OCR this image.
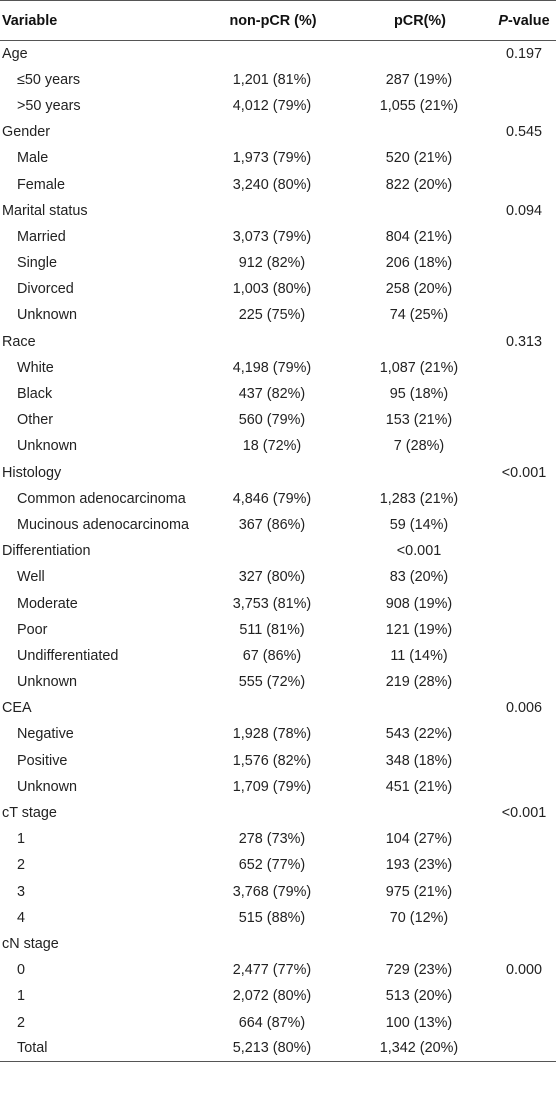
Variable	non-pCR (%)	pCR(%)	P-value
Age			0.197
≤50 years	1,201 (81%)	287 (19%)	
>50 years	4,012 (79%)	1,055 (21%)	
Gender			0.545
Male	1,973 (79%)	520 (21%)	
Female	3,240 (80%)	822 (20%)	
Marital status			0.094
Married	3,073 (79%)	804 (21%)	
Single	912 (82%)	206 (18%)	
Divorced	1,003 (80%)	258 (20%)	
Unknown	225 (75%)	74 (25%)	
Race			0.313
White	4,198 (79%)	1,087 (21%)	
Black	437 (82%)	95 (18%)	
Other	560 (79%)	153 (21%)	
Unknown	18 (72%)	7 (28%)	
Histology			<0.001
Common adenocarcinoma	4,846 (79%)	1,283 (21%)	
Mucinous adenocarcinoma	367 (86%)	59 (14%)	
Differentiation		<0.001	
Well	327 (80%)	83 (20%)	
Moderate	3,753 (81%)	908 (19%)	
Poor	511 (81%)	121 (19%)	
Undifferentiated	67 (86%)	11 (14%)	
Unknown	555 (72%)	219 (28%)	
CEA			0.006
Negative	1,928 (78%)	543 (22%)	
Positive	1,576 (82%)	348 (18%)	
Unknown	1,709 (79%)	451 (21%)	
cT stage			<0.001
1	278 (73%)	104 (27%)	
2	652 (77%)	193 (23%)	
3	3,768 (79%)	975 (21%)	
4	515 (88%)	70 (12%)	
cN stage			
0	2,477 (77%)	729 (23%)	0.000
1	2,072 (80%)	513 (20%)	
2	664 (87%)	100 (13%)	
Total	5,213 (80%)	1,342 (20%)	
